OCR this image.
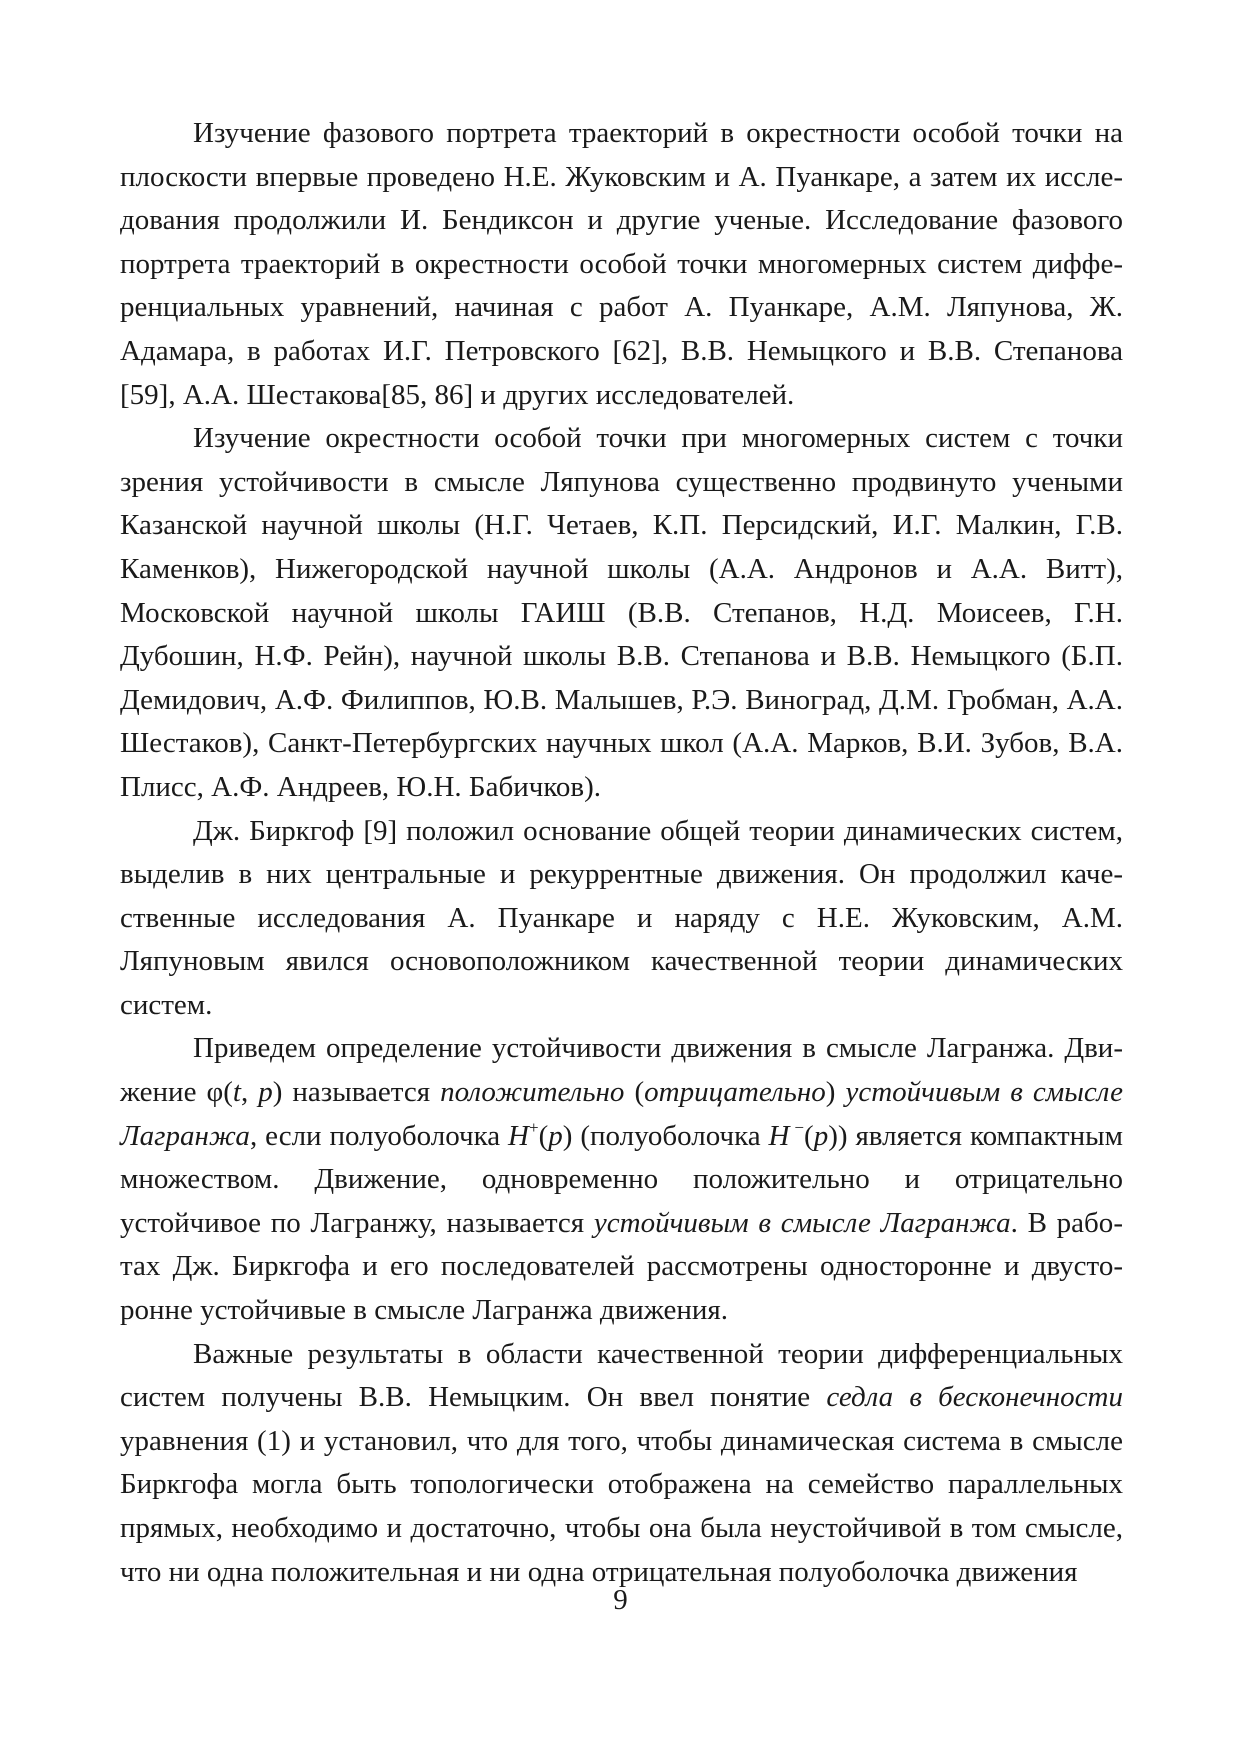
Изучение фазового портрета траекторий в окрестности особой точки на плоскости впервые проведено Н.Е. Жуковским и А. Пуанкаре, а затем их исследования продолжили И. Бендиксон и другие ученые. Исследование фазового портрета траекторий в окрестности особой точки многомерных систем дифференциальных уравнений, начиная с работ А. Пуанкаре, А.М. Ляпунова, Ж. Адамара, в работах И.Г. Петровского [62], В.В. Немыцкого и В.В. Степанова [59], А.А. Шестакова[85, 86] и других исследователей.

Изучение окрестности особой точки при многомерных систем с точки зрения устойчивости в смысле Ляпунова существенно продвинуто учеными Казанской научной школы (Н.Г. Четаев, К.П. Персидский, И.Г. Малкин, Г.В. Каменков), Нижегородской научной школы (А.А. Андронов и А.А. Витт), Московской научной школы ГАИШ (В.В. Степанов, Н.Д. Моисеев, Г.Н. Дубошин, Н.Ф. Рейн), научной школы В.В. Степанова и В.В. Немыцкого (Б.П. Демидович, А.Ф. Филиппов, Ю.В. Малышев, Р.Э. Виноград, Д.М. Гробман, А.А. Шестаков), Санкт-Петербургских научных школ (А.А. Марков, В.И. Зубов, В.А. Плисс, А.Ф. Андреев, Ю.Н. Бабичков).

Дж. Биркгоф [9] положил основание общей теории динамических систем, выделив в них центральные и рекуррентные движения. Он продолжил качественные исследования А. Пуанкаре и наряду с Н.Е. Жуковским, А.М. Ляпуновым явился основоположником качественной теории динамических систем.

Приведем определение устойчивости движения в смысле Лагранжа. Движение φ(t, p) называется положительно (отрицательно) устойчивым в смысле Лагранжа, если полуоболочка H+(p) (полуоболочка H −(p)) является компактным множеством. Движение, одновременно положительно и отрицательно устойчивое по Лагранжу, называется устойчивым в смысле Лагранжа. В работах Дж. Биркгофа и его последователей рассмотрены односторонне и двусторонне устойчивые в смысле Лагранжа движения.

Важные результаты в области качественной теории дифференциальных систем получены В.В. Немыцким. Он ввел понятие седла в бесконечности уравнения (1) и установил, что для того, чтобы динамическая система в смысле Биркгофа могла быть топологически отображена на семейство параллельных прямых, необходимо и достаточно, чтобы она была неустойчивой в том смысле, что ни одна положительная и ни одна отрицательная полуоболочка движения

9
